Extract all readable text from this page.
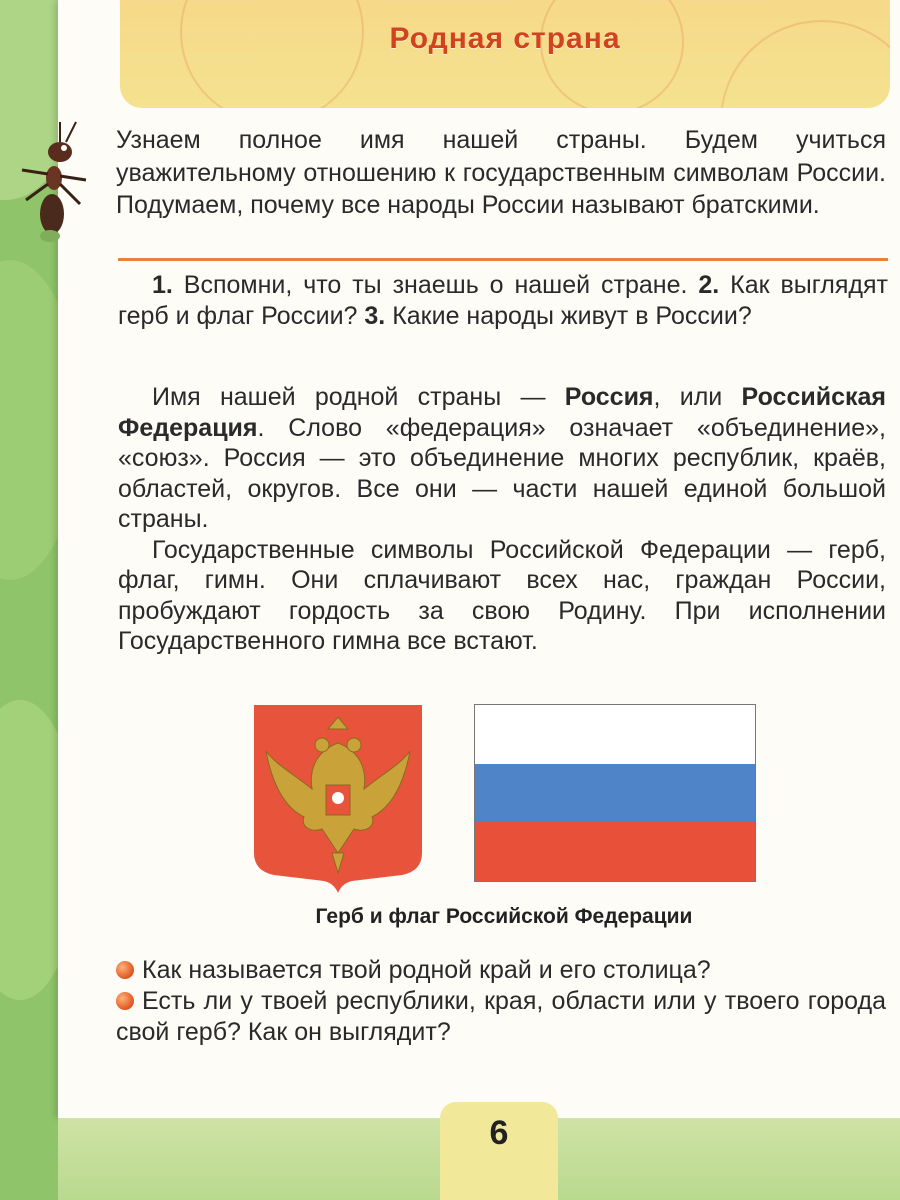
Родная страна
Узнаем полное имя нашей страны. Будем учиться уважительному отношению к государственным символам России. Подумаем, почему все народы России называют братскими.
1. Вспомни, что ты знаешь о нашей стране. 2. Как выглядят герб и флаг России? 3. Какие народы живут в России?

Имя нашей родной страны — Россия, или Российская Федерация. Слово «федерация» означает «объединение», «союз». Россия — это объединение многих республик, краёв, областей, округов. Все они — части нашей единой большой страны.

Государственные символы Российской Федерации — герб, флаг, гимн. Они сплачивают всех нас, граждан России, пробуждают гордость за свою Родину. При исполнении Государственного гимна все встают.

Герб и флаг Российской Федерации
Как называется твой родной край и его столица?
Есть ли у твоей республики, края, области или у твоего города свой герб? Как он выглядит?
6
